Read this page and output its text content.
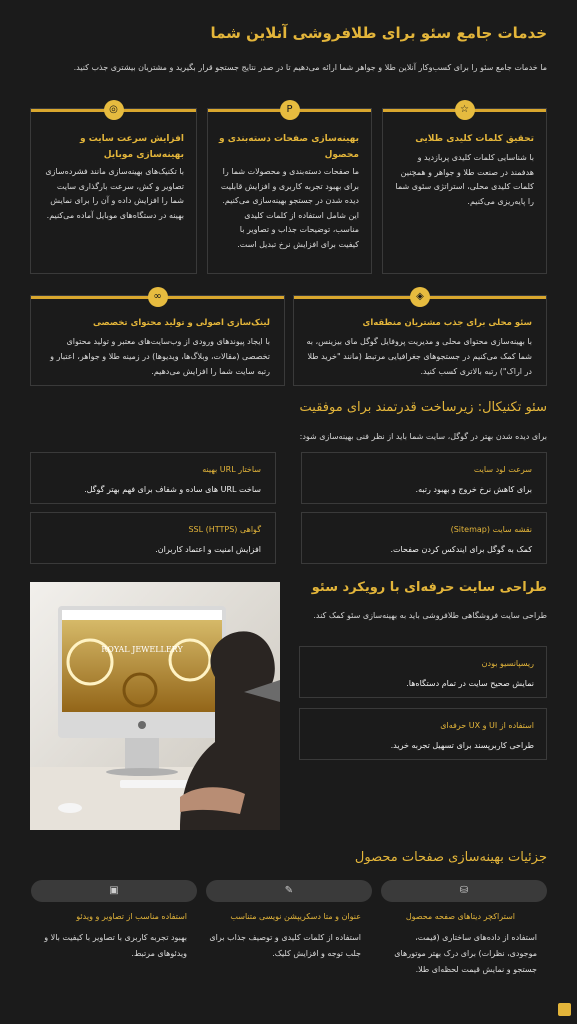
خدمات جامع سئو برای طلافروشی آنلاین شما
ما خدمات جامع سئو را برای کسب‌وکار آنلاین طلا و جواهر شما ارائه می‌دهیم تا در صدر نتایج جستجو قرار بگیرید و مشتریان بیشتری جذب کنید.
☆
تحقیق کلمات کلیدی طلایی
با شناسایی کلمات کلیدی پربازدید و هدفمند در صنعت طلا و جواهر و همچنین کلمات کلیدی محلی، استراتژی سئوی شما را پایه‌ریزی می‌کنیم.
P
بهینه‌سازی صفحات دسته‌بندی و محصول
ما صفحات دسته‌بندی و محصولات شما را برای بهبود تجربه کاربری و افزایش قابلیت دیده شدن در جستجو بهینه‌سازی می‌کنیم. این شامل استفاده از کلمات کلیدی مناسب، توضیحات جذاب و تصاویر با کیفیت برای افزایش نرخ تبدیل است.
◎
افزایش سرعت سایت و بهینه‌سازی موبایل
با تکنیک‌های بهینه‌سازی مانند فشرده‌سازی تصاویر و کش، سرعت بارگذاری سایت شما را افزایش داده و آن را برای نمایش بهینه در دستگاه‌های موبایل آماده می‌کنیم.
◈
سئو محلی برای جذب مشتریان منطقه‌ای
با بهینه‌سازی محتوای محلی و مدیریت پروفایل گوگل مای بیزینس، به شما کمک می‌کنیم در جستجوهای جغرافیایی مرتبط (مانند "خرید طلا در اراک") رتبه بالاتری کسب کنید.
∞
لینک‌سازی اصولی و تولید محتوای تخصصی
با ایجاد پیوندهای ورودی از وب‌سایت‌های معتبر و تولید محتوای تخصصی (مقالات، وبلاگ‌ها، ویدیوها) در زمینه طلا و جواهر، اعتبار و رتبه سایت شما را افزایش می‌دهیم.
سئو تکنیکال: زیرساخت قدرتمند برای موفقیت
برای دیده شدن بهتر در گوگل، سایت شما باید از نظر فنی بهینه‌سازی شود:
سرعت لود سایت
برای کاهش نرخ خروج و بهبود رتبه.
ساختار URL بهینه
ساخت URL های ساده و شفاف برای فهم بهتر گوگل.
نقشه سایت (Sitemap)
کمک به گوگل برای ایندکس کردن صفحات.
گواهی SSL (HTTPS)
افزایش امنیت و اعتماد کاربران.
طراحی سایت حرفه‌ای با رویکرد سئو
طراحی سایت فروشگاهی طلافروشی باید به بهینه‌سازی سئو کمک کند.
ریسپانسیو بودن
نمایش صحیح سایت در تمام دستگاه‌ها.
استفاده از UI و UX حرفه‌ای
طراحی کاربرپسند برای تسهیل تجربه خرید.
ROYAL JEWELLERY
جزئیات بهینه‌سازی صفحات محصول
⛁
✎
▣
استراکچر دیتاهای صفحه محصول
استفاده از داده‌های ساختاری (قیمت، موجودی، نظرات) برای درک بهتر موتورهای جستجو و نمایش قیمت لحظه‌ای طلا.
عنوان و متا دسکریپشن نویسی متناسب
استفاده از کلمات کلیدی و توصیف جذاب برای جلب توجه و افزایش کلیک.
استفاده مناسب از تصاویر و ویدئو
بهبود تجربه کاربری با تصاویر با کیفیت بالا و ویدئوهای مرتبط.
